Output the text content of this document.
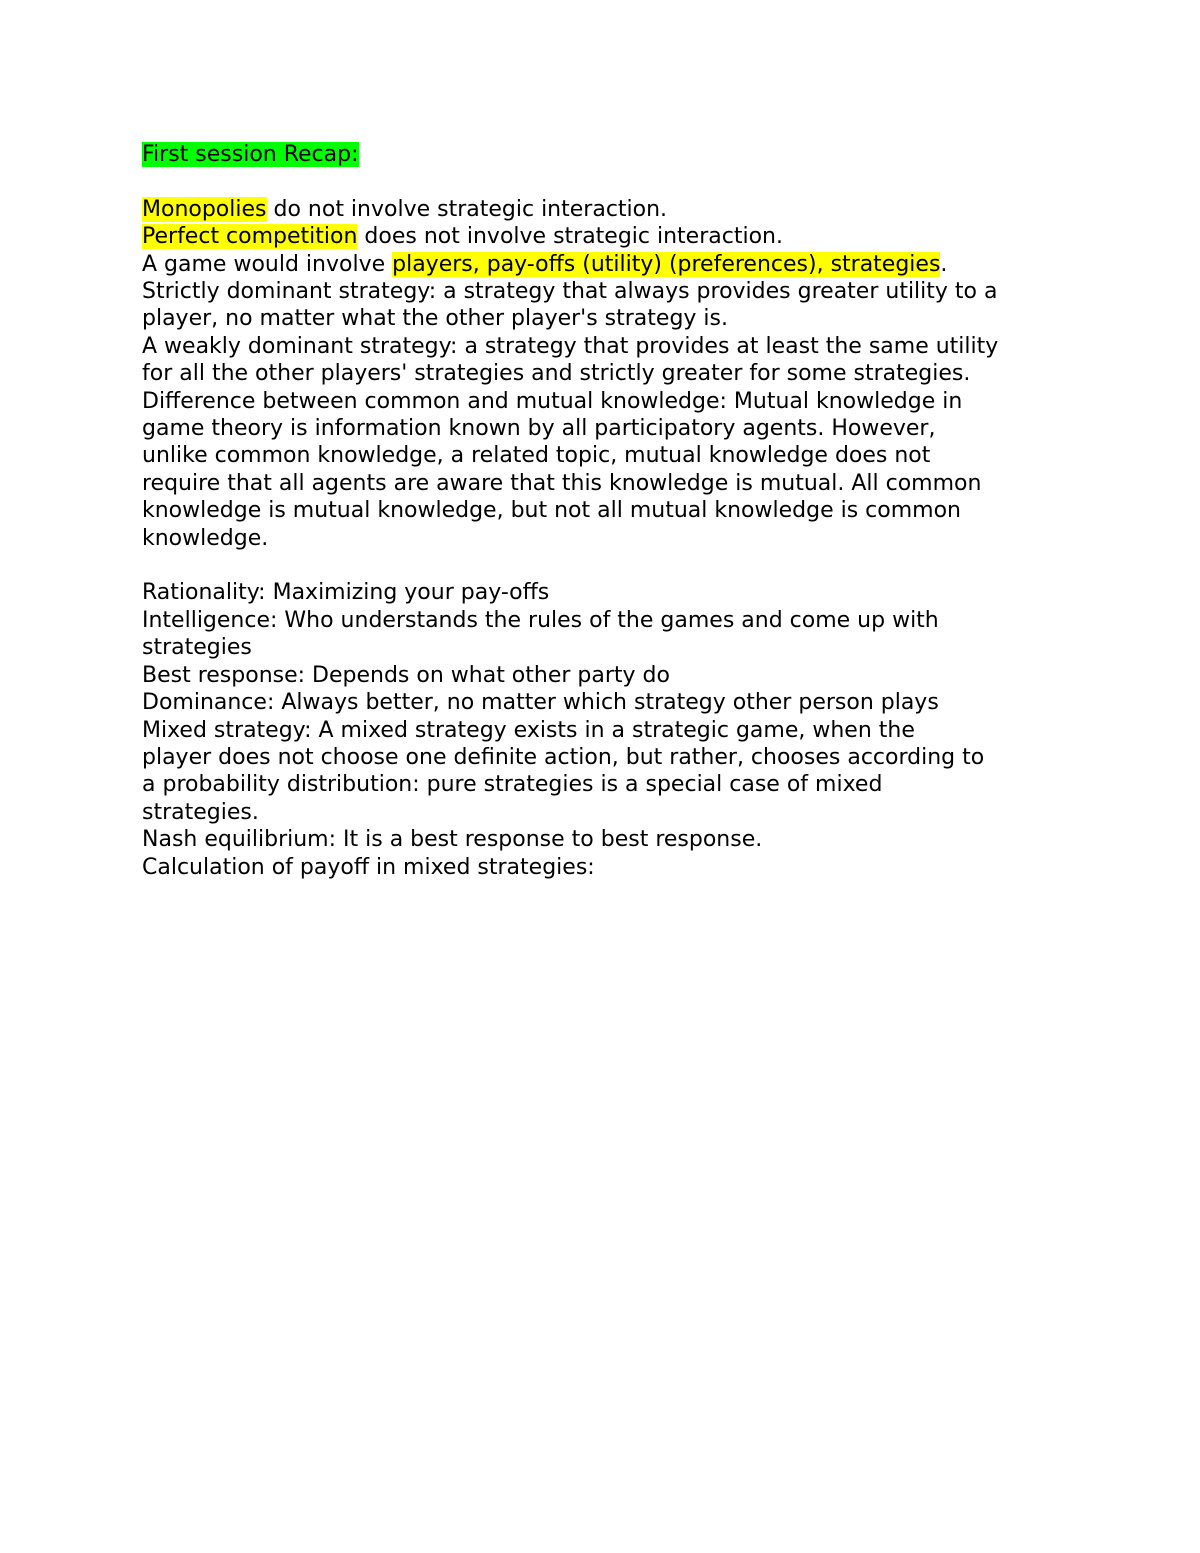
First session Recap:

Monopolies do not involve strategic interaction.

Perfect competition does not involve strategic interaction.

A game would involve players, pay-offs (utility) (preferences), strategies.

Strictly dominant strategy: a strategy that always provides greater utility to a

player, no matter what the other player's strategy is.

A weakly dominant strategy: a strategy that provides at least the same utility

for all the other players' strategies and strictly greater for some strategies.

Difference between common and mutual knowledge: Mutual knowledge in

game theory is information known by all participatory agents. However,

unlike common knowledge, a related topic, mutual knowledge does not

require that all agents are aware that this knowledge is mutual. All common

knowledge is mutual knowledge, but not all mutual knowledge is common

knowledge.

Rationality: Maximizing your pay-offs

Intelligence: Who understands the rules of the games and come up with

strategies

Best response: Depends on what other party do

Dominance: Always better, no matter which strategy other person plays

Mixed strategy: A mixed strategy exists in a strategic game, when the

player does not choose one definite action, but rather, chooses according to

a probability distribution: pure strategies is a special case of mixed

strategies.

Nash equilibrium: It is a best response to best response.

Calculation of payoff in mixed strategies:
